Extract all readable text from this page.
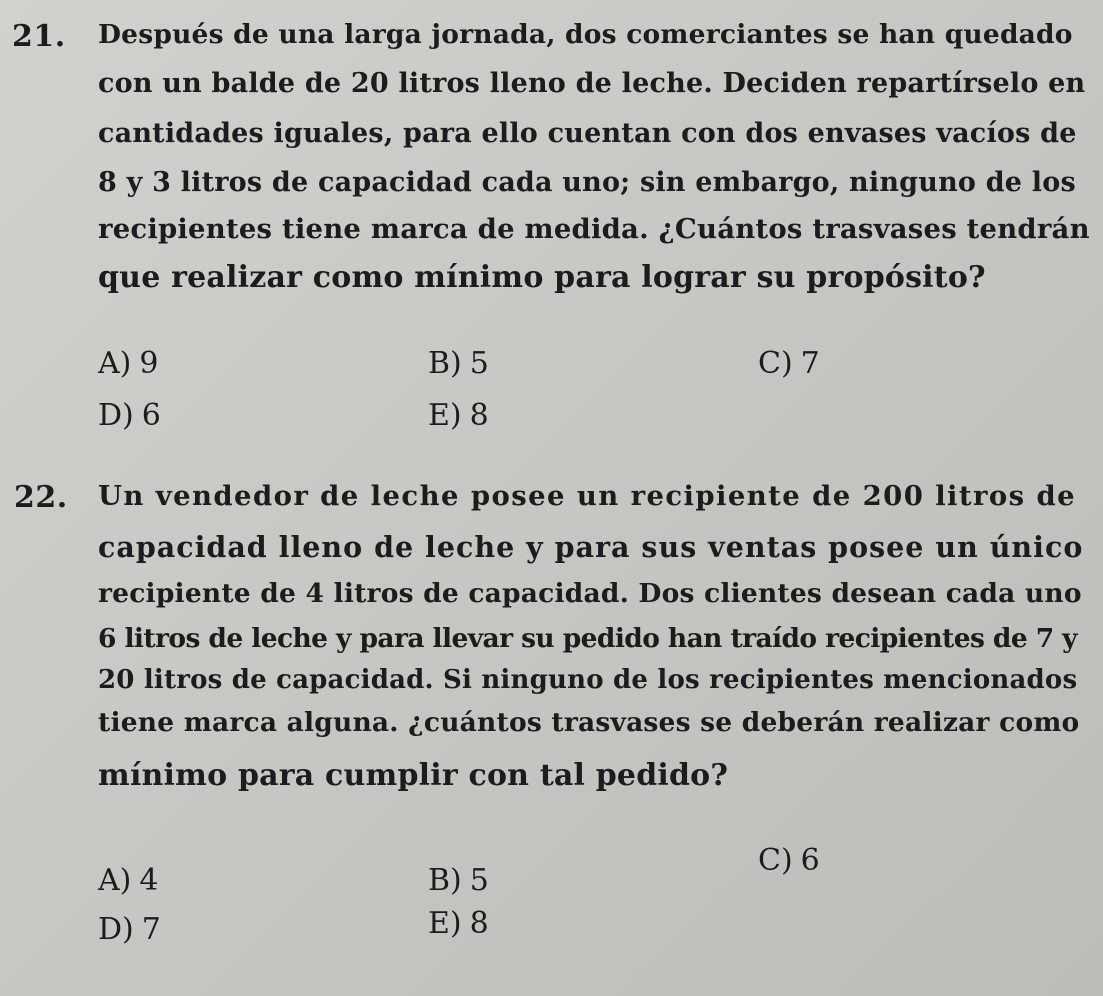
21. Después de una larga jornada, dos comerciantes se han quedado
con un balde de 20 litros lleno de leche. Deciden repartírselo en
cantidades iguales, para ello cuentan con dos envases vacíos de
8 y 3 litros de capacidad cada uno; sin embargo, ninguno de los
recipientes tiene marca de medida. ¿Cuántos trasvases tendrán
que realizar como mínimo para lograr su propósito?
A) 9	B) 5	C) 7
D) 6	E) 8
22. Un vendedor de leche posee un recipiente de 200 litros de
capacidad lleno de leche y para sus ventas posee un único
recipiente de 4 litros de capacidad. Dos clientes desean cada uno
6 litros de leche y para llevar su pedido han traído recipientes de 7 y
20 litros de capacidad. Si ninguno de los recipientes mencionados
tiene marca alguna. ¿cuántos trasvases se deberán realizar como
mínimo para cumplir con tal pedido?
A) 4	B) 5
C) 6
D) 7	E) 8
